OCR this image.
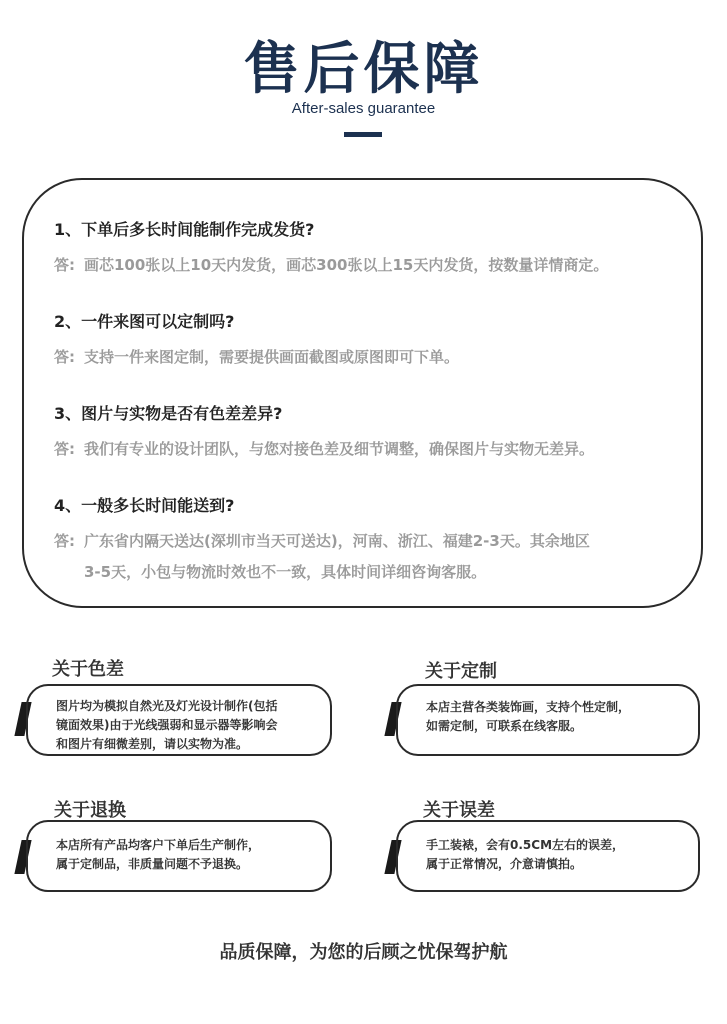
售后保障
After-sales guarantee
1、下单后多长时间能制作完成发货?
答: 画芯100张以上10天内发货，画芯300张以上15天内发货，按数量详情商定。
2、一件来图可以定制吗?
答: 支持一件来图定制，需要提供画面截图或原图即可下单。
3、图片与实物是否有色差差异?
答: 我们有专业的设计团队，与您对接色差及细节调整，确保图片与实物无差异。
4、一般多长时间能送到?
答: 广东省内隔天送达(深圳市当天可送达)，河南、浙江、福建2-3天。其余地区
3-5天，小包与物流时效也不一致，具体时间详细咨询客服。
关于色差
图片均为模拟自然光及灯光设计制作(包括
镜面效果)由于光线强弱和显示器等影响会
和图片有细微差别，请以实物为准。
关于定制
本店主营各类装饰画，支持个性定制，
如需定制，可联系在线客服。
关于退换
本店所有产品均客户下单后生产制作，
属于定制品，非质量问题不予退换。
关于误差
手工装裱，会有0.5CM左右的误差，
属于正常情况，介意请慎拍。
品质保障，为您的后顾之忧保驾护航
